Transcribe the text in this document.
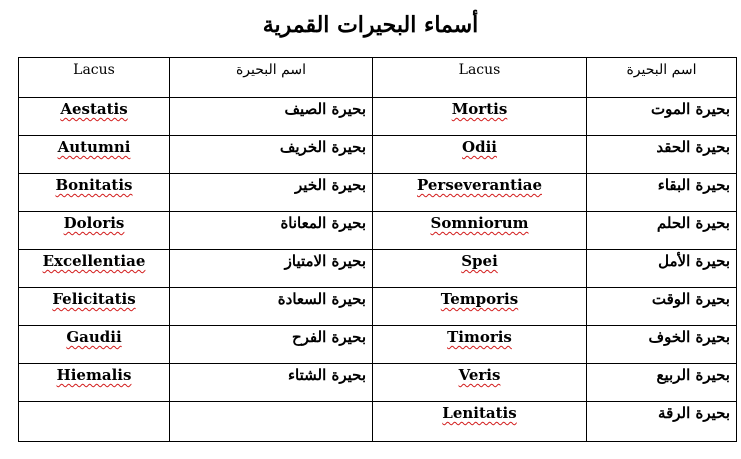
أسماء البحيرات القمرية
Lacus	اسم البحيرة	Lacus	اسم البحيرة
Aestatis	بحيرة الصيف	Mortis	بحيرة الموت
Autumni	بحيرة الخريف	Odii	بحيرة الحقد
Bonitatis	بحيرة الخير	Perseverantiae	بحيرة البقاء
Doloris	بحيرة المعاناة	Somniorum	بحيرة الحلم
Excellentiae	بحيرة الامتياز	Spei	بحيرة الأمل
Felicitatis	بحيرة السعادة	Temporis	بحيرة الوقت
Gaudii	بحيرة الفرح	Timoris	بحيرة الخوف
Hiemalis	بحيرة الشتاء	Veris	بحيرة الربيع
		Lenitatis	بحيرة الرقة
